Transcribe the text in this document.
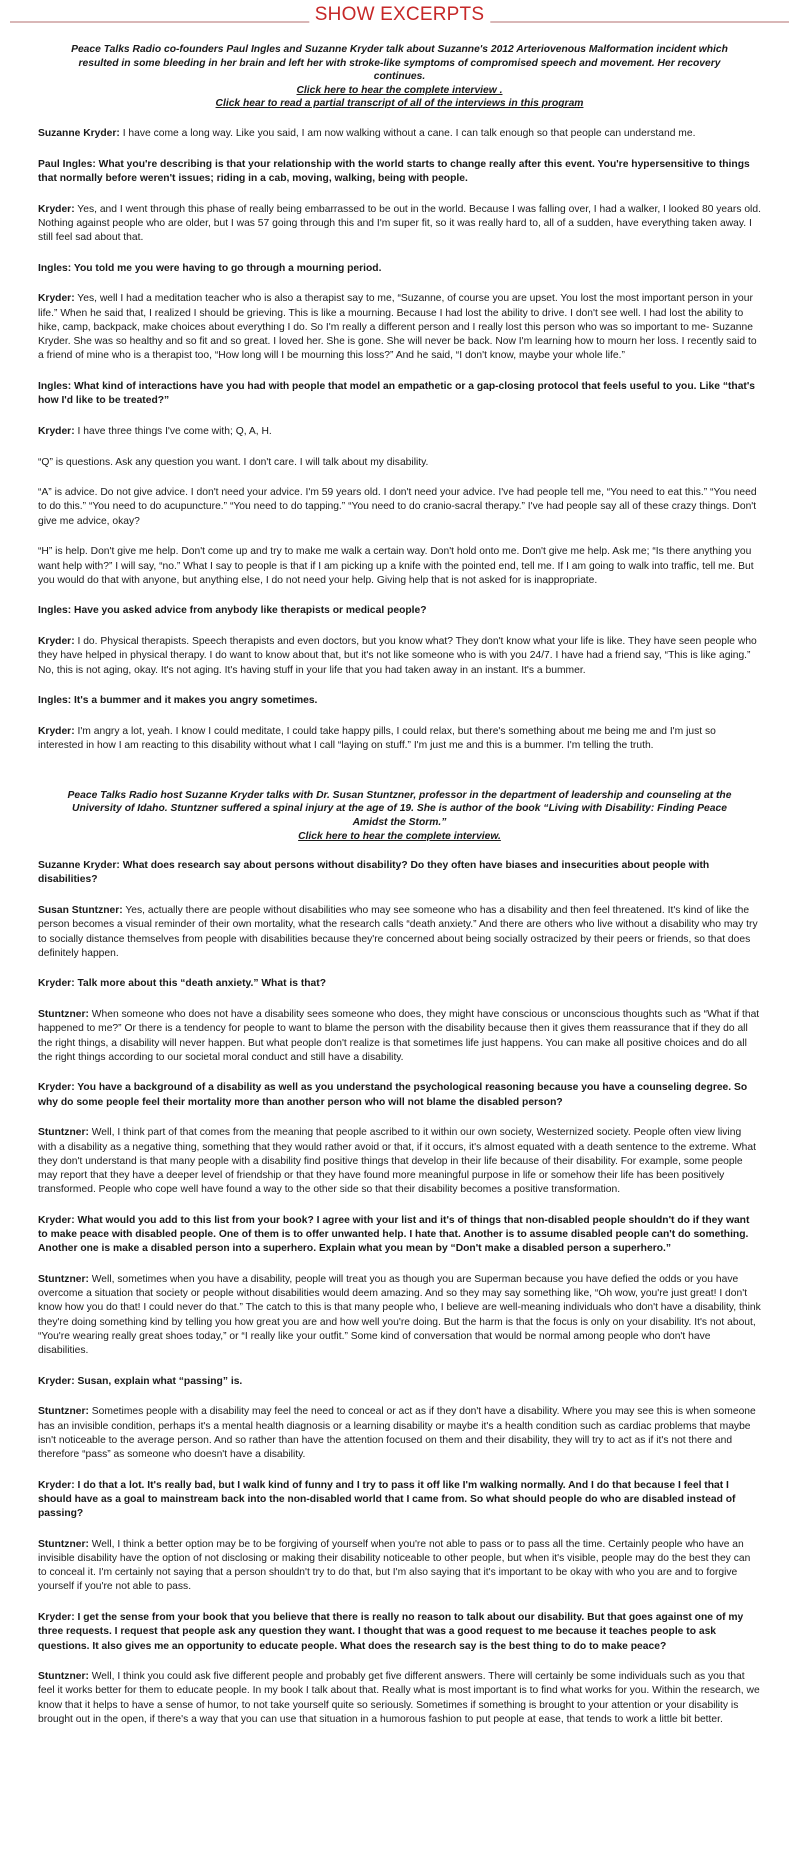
SHOW EXCERPTS
Peace Talks Radio co-founders Paul Ingles and Suzanne Kryder talk about Suzanne's 2012 Arteriovenous Malformation incident which resulted in some bleeding in her brain and left her with stroke-like symptoms of compromised speech and movement. Her recovery continues.
Click here to hear the complete interview .
Click hear to read a partial transcript of all of the interviews in this program

Suzanne Kryder: I have come a long way. Like you said, I am now walking without a cane. I can talk enough so that people can understand me.

Paul Ingles: What you're describing is that your relationship with the world starts to change really after this event. You're hypersensitive to things that normally before weren't issues; riding in a cab, moving, walking, being with people.

Kryder: Yes, and I went through this phase of really being embarrassed to be out in the world. Because I was falling over, I had a walker, I looked 80 years old. Nothing against people who are older, but I was 57 going through this and I'm super fit, so it was really hard to, all of a sudden, have everything taken away. I still feel sad about that.

Ingles: You told me you were having to go through a mourning period.

Kryder: Yes, well I had a meditation teacher who is also a therapist say to me, “Suzanne, of course you are upset. You lost the most important person in your life.” When he said that, I realized I should be grieving. This is like a mourning. Because I had lost the ability to drive. I don't see well. I had lost the ability to hike, camp, backpack, make choices about everything I do. So I'm really a different person and I really lost this person who was so important to me- Suzanne Kryder. She was so healthy and so fit and so great. I loved her. She is gone. She will never be back. Now I'm learning how to mourn her loss. I recently said to a friend of mine who is a therapist too, “How long will I be mourning this loss?” And he said, “I don't know, maybe your whole life.”

Ingles: What kind of interactions have you had with people that model an empathetic or a gap-closing protocol that feels useful to you. Like “that's how I'd like to be treated?”

Kryder: I have three things I've come with; Q, A, H.

“Q” is questions. Ask any question you want. I don't care. I will talk about my disability.

“A” is advice. Do not give advice. I don't need your advice. I'm 59 years old. I don't need your advice. I've had people tell me, “You need to eat this.” “You need to do this.” “You need to do acupuncture.” “You need to do tapping.” “You need to do cranio-sacral therapy.” I've had people say all of these crazy things. Don't give me advice, okay?

“H” is help. Don't give me help. Don't come up and try to make me walk a certain way. Don't hold onto me. Don't give me help. Ask me; “Is there anything you want help with?” I will say, “no.” What I say to people is that if I am picking up a knife with the pointed end, tell me. If I am going to walk into traffic, tell me. But you would do that with anyone, but anything else, I do not need your help. Giving help that is not asked for is inappropriate.

Ingles: Have you asked advice from anybody like therapists or medical people?

Kryder: I do. Physical therapists. Speech therapists and even doctors, but you know what? They don't know what your life is like. They have seen people who they have helped in physical therapy. I do want to know about that, but it's not like someone who is with you 24/7. I have had a friend say, “This is like aging.” No, this is not aging, okay. It's not aging. It's having stuff in your life that you had taken away in an instant. It's a bummer.

Ingles: It's a bummer and it makes you angry sometimes.

Kryder: I'm angry a lot, yeah. I know I could meditate, I could take happy pills, I could relax, but there's something about me being me and I'm just so interested in how I am reacting to this disability without what I call “laying on stuff.” I'm just me and this is a bummer. I'm telling the truth.

Peace Talks Radio host Suzanne Kryder talks with Dr. Susan Stuntzner, professor in the department of leadership and counseling at the University of Idaho. Stuntzner suffered a spinal injury at the age of 19. She is author of the book “Living with Disability: Finding Peace Amidst the Storm.”
Click here to hear the complete interview.

Suzanne Kryder: What does research say about persons without disability? Do they often have biases and insecurities about people with disabilities?

Susan Stuntzner: Yes, actually there are people without disabilities who may see someone who has a disability and then feel threatened. It's kind of like the person becomes a visual reminder of their own mortality, what the research calls “death anxiety.” And there are others who live without a disability who may try to socially distance themselves from people with disabilities because they're concerned about being socially ostracized by their peers or friends, so that does definitely happen.

Kryder: Talk more about this “death anxiety.” What is that?

Stuntzner: When someone who does not have a disability sees someone who does, they might have conscious or unconscious thoughts such as “What if that happened to me?” Or there is a tendency for people to want to blame the person with the disability because then it gives them reassurance that if they do all the right things, a disability will never happen. But what people don't realize is that sometimes life just happens. You can make all positive choices and do all the right things according to our societal moral conduct and still have a disability.

Kryder: You have a background of a disability as well as you understand the psychological reasoning because you have a counseling degree. So why do some people feel their mortality more than another person who will not blame the disabled person?

Stuntzner: Well, I think part of that comes from the meaning that people ascribed to it within our own society, Westernized society. People often view living with a disability as a negative thing, something that they would rather avoid or that, if it occurs, it's almost equated with a death sentence to the extreme. What they don't understand is that many people with a disability find positive things that develop in their life because of their disability. For example, some people may report that they have a deeper level of friendship or that they have found more meaningful purpose in life or somehow their life has been positively transformed. People who cope well have found a way to the other side so that their disability becomes a positive transformation.

Kryder: What would you add to this list from your book? I agree with your list and it's of things that non-disabled people shouldn't do if they want to make peace with disabled people. One of them is to offer unwanted help. I hate that. Another is to assume disabled people can't do something. Another one is make a disabled person into a superhero. Explain what you mean by “Don't make a disabled person a superhero.”

Stuntzner: Well, sometimes when you have a disability, people will treat you as though you are Superman because you have defied the odds or you have overcome a situation that society or people without disabilities would deem amazing. And so they may say something like, “Oh wow, you're just great! I don't know how you do that! I could never do that.” The catch to this is that many people who, I believe are well-meaning individuals who don't have a disability, think they're doing something kind by telling you how great you are and how well you're doing. But the harm is that the focus is only on your disability. It's not about, “You're wearing really great shoes today,” or “I really like your outfit.” Some kind of conversation that would be normal among people who don't have disabilities.

Kryder: Susan, explain what “passing” is.

Stuntzner: Sometimes people with a disability may feel the need to conceal or act as if they don't have a disability. Where you may see this is when someone has an invisible condition, perhaps it's a mental health diagnosis or a learning disability or maybe it's a health condition such as cardiac problems that maybe isn't noticeable to the average person. And so rather than have the attention focused on them and their disability, they will try to act as if it's not there and therefore “pass” as someone who doesn't have a disability.

Kryder: I do that a lot. It's really bad, but I walk kind of funny and I try to pass it off like I'm walking normally. And I do that because I feel that I should have as a goal to mainstream back into the non-disabled world that I came from. So what should people do who are disabled instead of passing?

Stuntzner: Well, I think a better option may be to be forgiving of yourself when you're not able to pass or to pass all the time. Certainly people who have an invisible disability have the option of not disclosing or making their disability noticeable to other people, but when it's visible, people may do the best they can to conceal it. I'm certainly not saying that a person shouldn't try to do that, but I'm also saying that it's important to be okay with who you are and to forgive yourself if you're not able to pass.

Kryder: I get the sense from your book that you believe that there is really no reason to talk about our disability. But that goes against one of my three requests. I request that people ask any question they want. I thought that was a good request to me because it teaches people to ask questions. It also gives me an opportunity to educate people. What does the research say is the best thing to do to make peace?

Stuntzner: Well, I think you could ask five different people and probably get five different answers. There will certainly be some individuals such as you that feel it works better for them to educate people. In my book I talk about that. Really what is most important is to find what works for you. Within the research, we know that it helps to have a sense of humor, to not take yourself quite so seriously. Sometimes if something is brought to your attention or your disability is brought out in the open, if there's a way that you can use that situation in a humorous fashion to put people at ease, that tends to work a little bit better.
